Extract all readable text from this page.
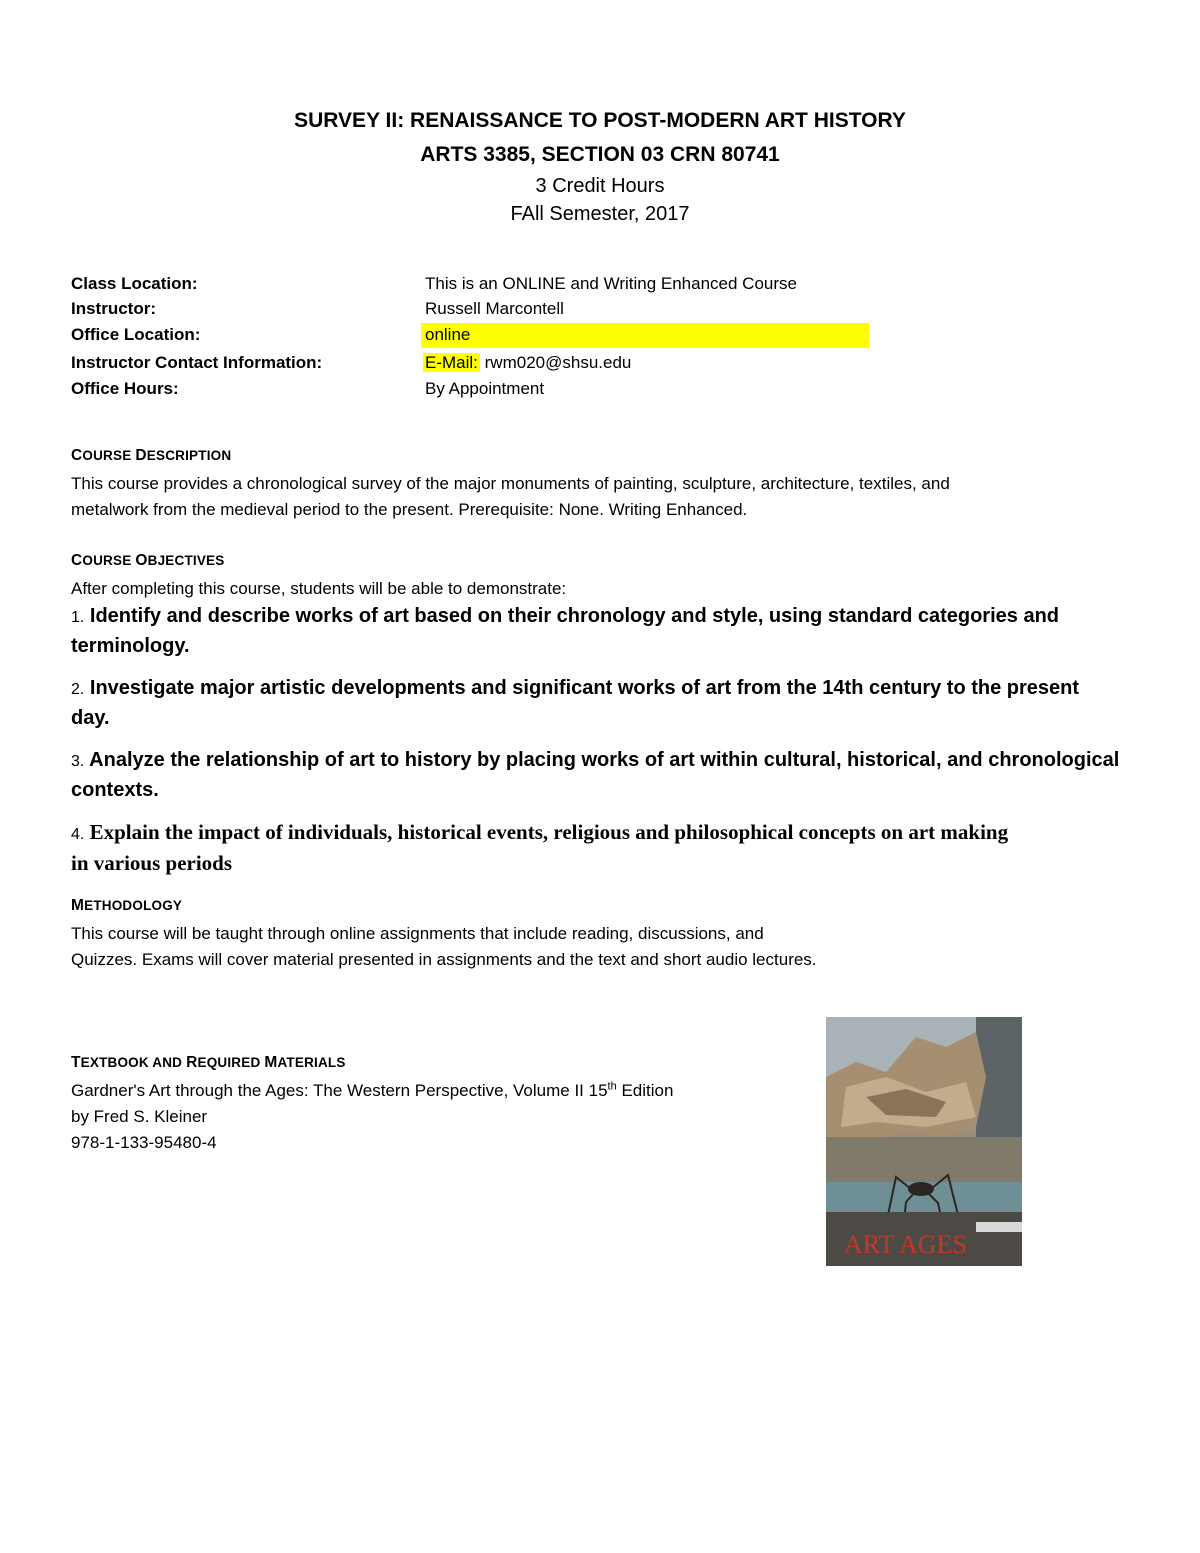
SURVEY II: RENAISSANCE TO POST-MODERN ART HISTORY
ARTS 3385, SECTION 03 CRN 80741
3 Credit Hours
FAll Semester, 2017
Class Location:	This is an ONLINE and Writing Enhanced Course
Instructor:	Russell Marcontell
Office Location:	online
Instructor Contact Information:	E-Mail: rwm020@shsu.edu
Office Hours:	By Appointment
COURSE DESCRIPTION
This course provides a chronological survey of the major monuments of painting, sculpture, architecture, textiles, and
metalwork from the medieval period to the present. Prerequisite: None. Writing Enhanced.
COURSE OBJECTIVES
After completing this course, students will be able to demonstrate:
1. Identify and describe works of art based on their chronology and style, using standard categories and
terminology.
2. Investigate major artistic developments and significant works of art from the 14th century to the present
day.
3. Analyze the relationship of art to history by placing works of art within cultural, historical, and chronological
contexts.
4. Explain the impact of individuals, historical events, religious and philosophical concepts on art making
in various periods
METHODOLOGY
This course will be taught through online assignments that include reading, discussions, and
Quizzes. Exams will cover material presented in assignments and the text and short audio lectures.
TEXTBOOK AND REQUIRED MATERIALS
Gardner's Art through the Ages: The Western Perspective, Volume II 15th Edition
by Fred S. Kleiner
978-1-133-95480-4
ART AGES
